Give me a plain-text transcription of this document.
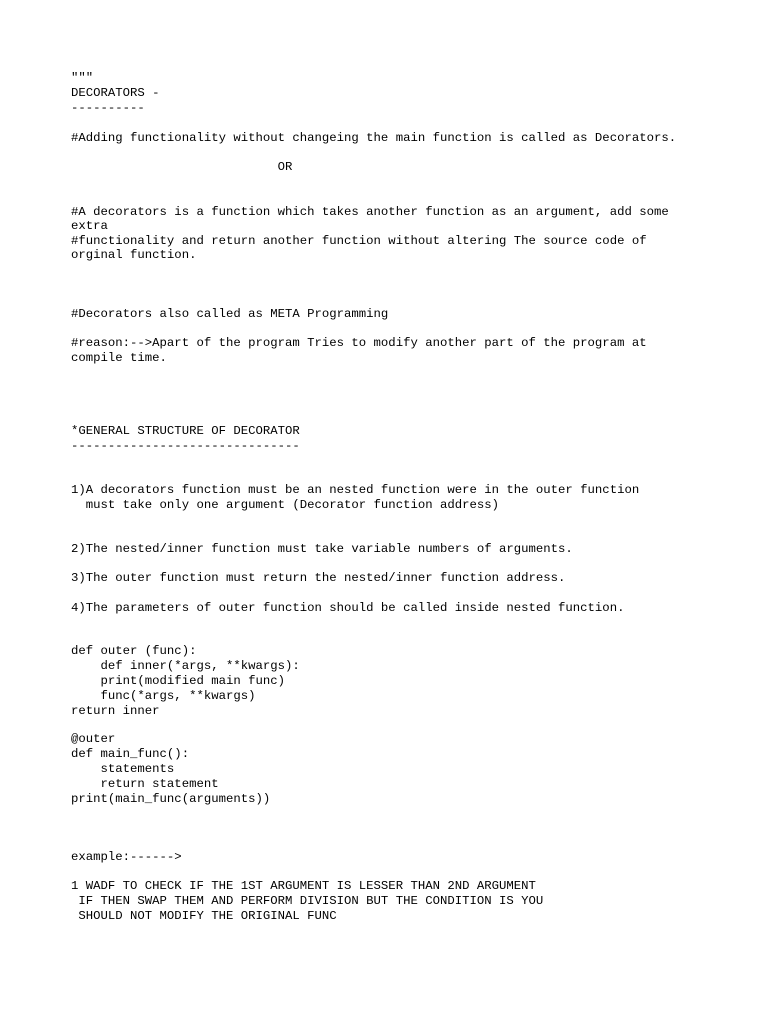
"""
DECORATORS -
----------
#Adding functionality without changeing the main function is called as Decorators.
OR
#A decorators is a function which takes another function as an argument, add some
extra
#functionality and return another function without altering The source code of
orginal function.
#Decorators also called as META Programming
#reason:-->Apart of the program Tries to modify another part of the program at
compile time.
*GENERAL STRUCTURE OF DECORATOR
-------------------------------
1)A decorators function must be an nested function were in the outer function
must take only one argument (Decorator function address)
2)The nested/inner function must take variable numbers of arguments.
3)The outer function must return the nested/inner function address.
4)The parameters of outer function should be called inside nested function.
def outer (func):
def inner(*args, **kwargs):
print(modified main func)
func(*args, **kwargs)
return inner
@outer
def main_func():
statements
return statement
print(main_func(arguments))
example:------>
1 WADF TO CHECK IF THE 1ST ARGUMENT IS LESSER THAN 2ND ARGUMENT
IF THEN SWAP THEM AND PERFORM DIVISION BUT THE CONDITION IS YOU
SHOULD NOT MODIFY THE ORIGINAL FUNC
